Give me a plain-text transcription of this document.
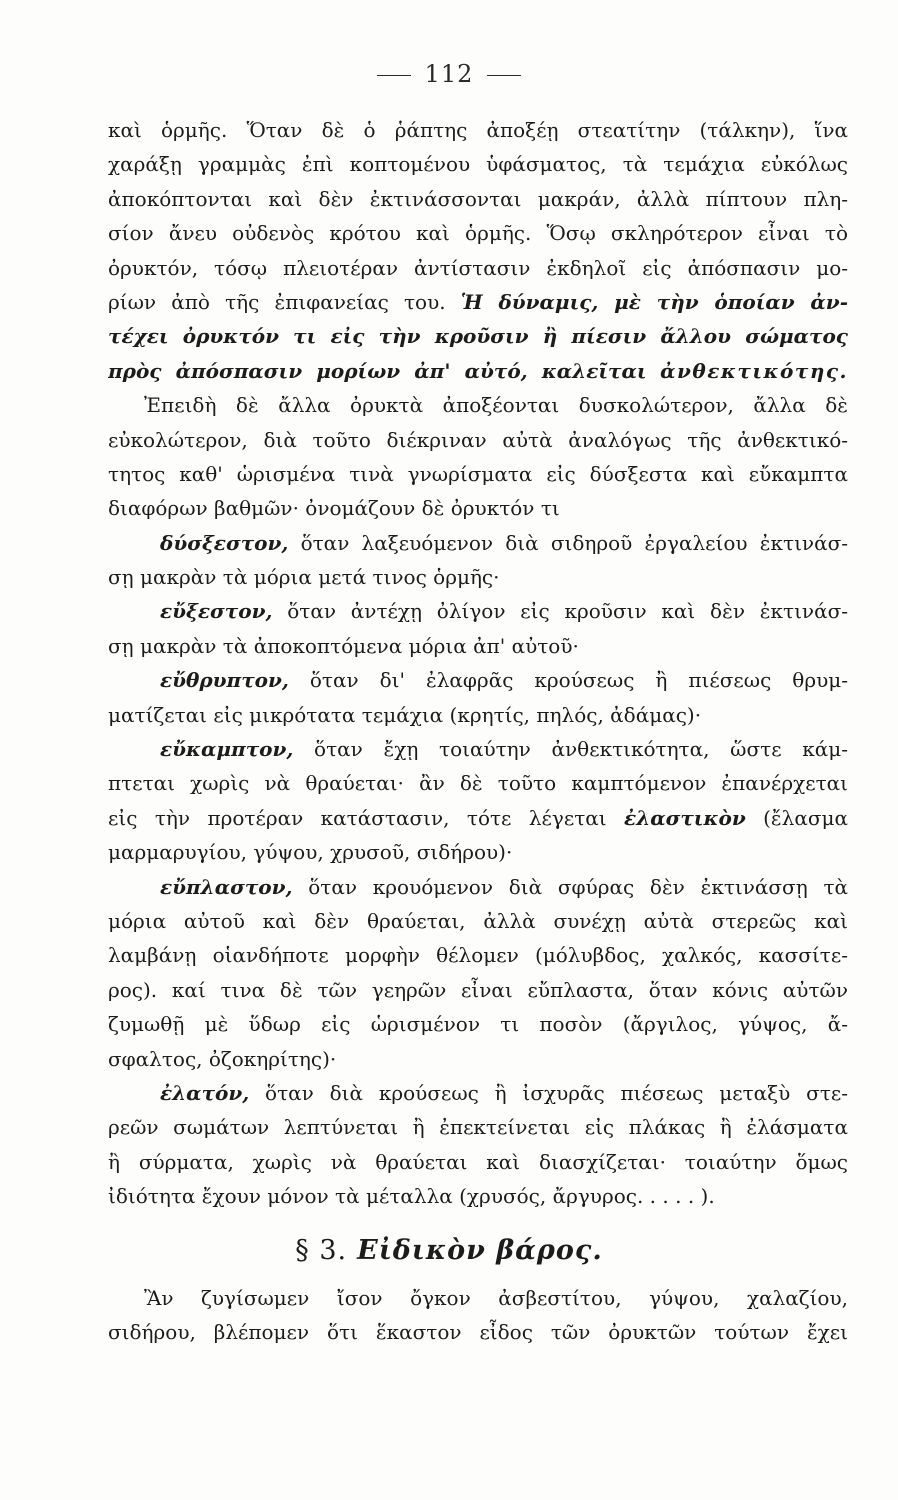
112
καὶ ὁρμῆς. Ὅταν δὲ ὁ ῥάπτης ἀποξέῃ στεατίτην (τάλκην), ἵνα
χαράξῃ γραμμὰς ἐπὶ κοπτομένου ὑφάσματος, τὰ τεμάχια εὐκόλως
ἀποκόπτονται καὶ δὲν ἐκτινάσσονται μακράν, ἀλλὰ πίπτουν πλη-
σίον ἄνευ οὐδενὸς κρότου καὶ ὁρμῆς. Ὅσῳ σκληρότερον εἶναι τὸ
ὀρυκτόν, τόσῳ πλειοτέραν ἀντίστασιν ἐκδηλοῖ εἰς ἀπόσπασιν μο-
ρίων ἀπὸ τῆς ἐπιφανείας του. Ἡ δύναμις, μὲ τὴν ὁποίαν ἀν-
τέχει ὀρυκτόν τι εἰς τὴν κροῦσιν ἢ πίεσιν ἄλλου σώματος
πρὸς ἀπόσπασιν μορίων ἀπ' αὐτό, καλεῖται ἀνθεκτικότης.
Ἐπειδὴ δὲ ἄλλα ὀρυκτὰ ἀποξέονται δυσκολώτερον, ἄλλα δὲ
εὐκολώτερον, διὰ τοῦτο διέκριναν αὐτὰ ἀναλόγως τῆς ἀνθεκτικό-
τητος καθ' ὡρισμένα τινὰ γνωρίσματα εἰς δύσξεστα καὶ εὔκαμπτα
διαφόρων βαθμῶν· ὀνομάζουν δὲ ὀρυκτόν τι
δύσξεστον, ὅταν λαξευόμενον διὰ σιδηροῦ ἐργαλείου ἐκτινάσ-
σῃ μακρὰν τὰ μόρια μετά τινος ὁρμῆς·
εὔξεστον, ὅταν ἀντέχῃ ὀλίγον εἰς κροῦσιν καὶ δὲν ἐκτινάσ-
σῃ μακρὰν τὰ ἀποκοπτόμενα μόρια ἀπ' αὐτοῦ·
εὔθρυπτον, ὅταν δι' ἐλαφρᾶς κρούσεως ἢ πιέσεως θρυμ-
ματίζεται εἰς μικρότατα τεμάχια (κρητίς, πηλός, ἀδάμας)·
εὔκαμπτον, ὅταν ἔχῃ τοιαύτην ἀνθεκτικότητα, ὥστε κάμ-
πτεται χωρὶς νὰ θραύεται· ἂν δὲ τοῦτο καμπτόμενον ἐπανέρχεται
εἰς τὴν προτέραν κατάστασιν, τότε λέγεται ἐλαστικὸν (ἔλασμα
μαρμαρυγίου, γύψου, χρυσοῦ, σιδήρου)·
εὔπλαστον, ὅταν κρουόμενον διὰ σφύρας δὲν ἐκτινάσσῃ τὰ
μόρια αὐτοῦ καὶ δὲν θραύεται, ἀλλὰ συνέχῃ αὐτὰ στερεῶς καὶ
λαμβάνῃ οἱανδήποτε μορφὴν θέλομεν (μόλυβδος, χαλκός, κασσίτε-
ρος). καί τινα δὲ τῶν γεηρῶν εἶναι εὔπλαστα, ὅταν κόνις αὐτῶν
ζυμωθῇ μὲ ὕδωρ εἰς ὡρισμένον τι ποσὸν (ἄργιλος, γύψος, ἄ-
σφαλτος, ὀζοκηρίτης)·
ἐλατόν, ὅταν διὰ κρούσεως ἢ ἰσχυρᾶς πιέσεως μεταξὺ στε-
ρεῶν σωμάτων λεπτύνεται ἢ ἐπεκτείνεται εἰς πλάκας ἢ ἐλάσματα
ἢ σύρματα, χωρὶς νὰ θραύεται καὶ διασχίζεται· τοιαύτην ὅμως
ἰδιότητα ἔχουν μόνον τὰ μέταλλα (χρυσός, ἄργυρος. . . . . ).
§ 3. Εἰδικὸν βάρος.
Ἂν ζυγίσωμεν ἴσον ὄγκον ἀσβεστίτου, γύψου, χαλαζίου,
σιδήρου, βλέπομεν ὅτι ἕκαστον εἶδος τῶν ὀρυκτῶν τούτων ἔχει
